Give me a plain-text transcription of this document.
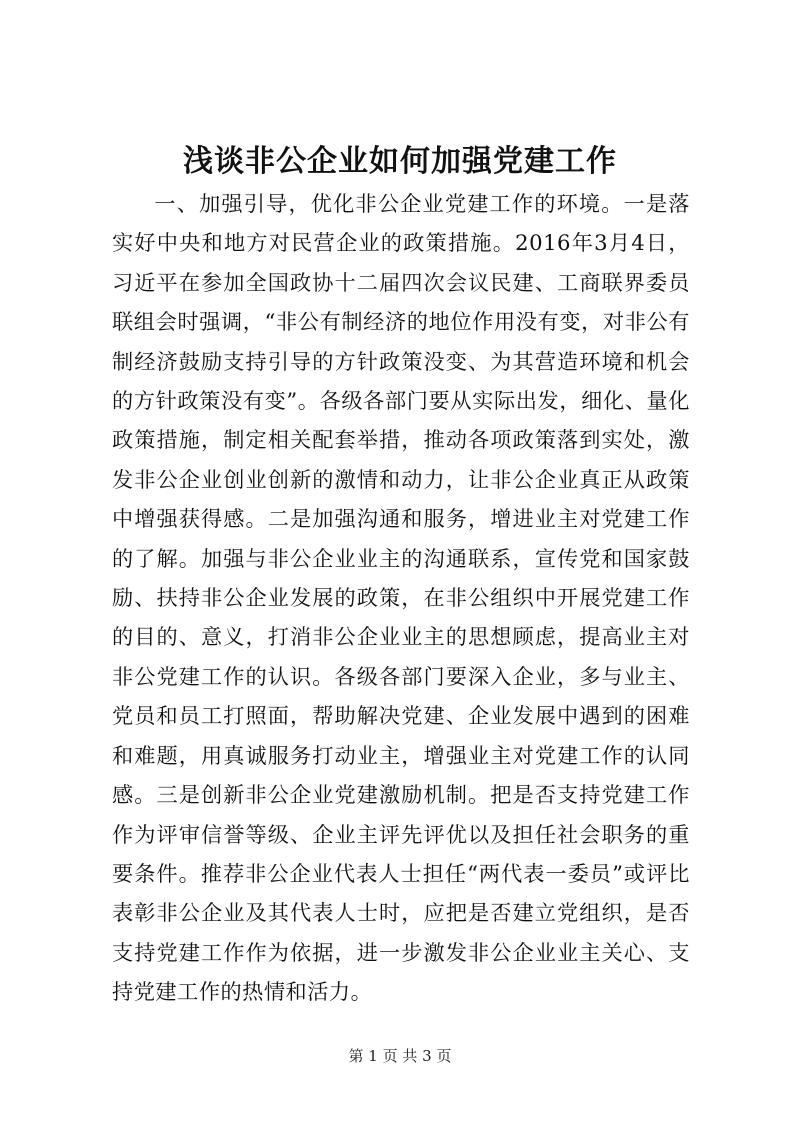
浅谈非公企业如何加强党建工作

一、加强引导，优化非公企业党建工作的环境。一是落实好中央和地方对民营企业的政策措施。2016年3月4日，习近平在参加全国政协十二届四次会议民建、工商联界委员联组会时强调，“非公有制经济的地位作用没有变，对非公有制经济鼓励支持引导的方针政策没变、为其营造环境和机会的方针政策没有变”。各级各部门要从实际出发，细化、量化政策措施，制定相关配套举措，推动各项政策落到实处，激发非公企业创业创新的激情和动力，让非公企业真正从政策中增强获得感。二是加强沟通和服务，增进业主对党建工作的了解。加强与非公企业业主的沟通联系，宣传党和国家鼓励、扶持非公企业发展的政策，在非公组织中开展党建工作的目的、意义，打消非公企业业主的思想顾虑，提高业主对非公党建工作的认识。各级各部门要深入企业，多与业主、党员和员工打照面，帮助解决党建、企业发展中遇到的困难和难题，用真诚服务打动业主，增强业主对党建工作的认同感。三是创新非公企业党建激励机制。把是否支持党建工作作为评审信誉等级、企业主评先评优以及担任社会职务的重要条件。推荐非公企业代表人士担任“两代表一委员”或评比表彰非公企业及其代表人士时，应把是否建立党组织，是否支持党建工作作为依据，进一步激发非公企业业主关心、支持党建工作的热情和活力。

第 1 页 共 3 页
